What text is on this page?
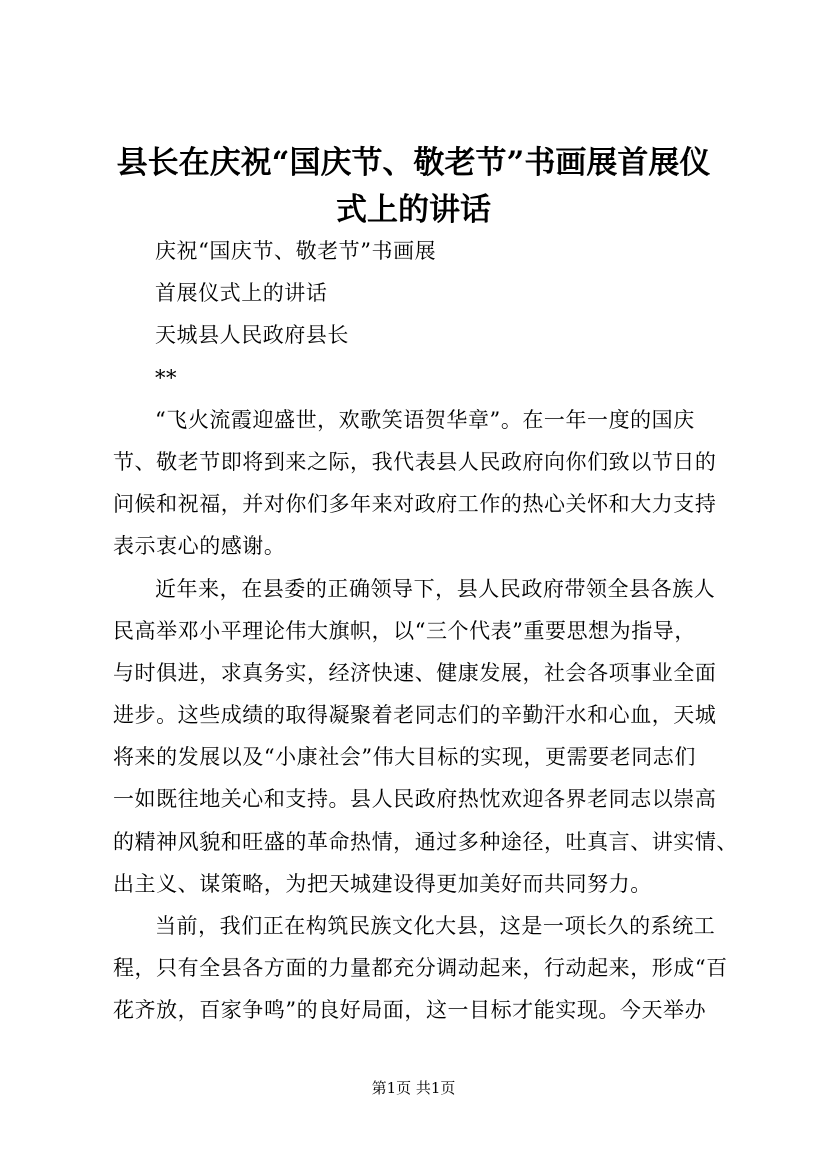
县长在庆祝“国庆节、敬老节”书画展首展仪
式上的讲话
庆祝“国庆节、敬老节”书画展
首展仪式上的讲话
天城县人民政府县长
**
“飞火流霞迎盛世，欢歌笑语贺华章”。在一年一度的国庆
节、敬老节即将到来之际，我代表县人民政府向你们致以节日的
问候和祝福，并对你们多年来对政府工作的热心关怀和大力支持
表示衷心的感谢。
近年来，在县委的正确领导下，县人民政府带领全县各族人
民高举邓小平理论伟大旗帜，以“三个代表”重要思想为指导，
与时俱进，求真务实，经济快速、健康发展，社会各项事业全面
进步。这些成绩的取得凝聚着老同志们的辛勤汗水和心血，天城
将来的发展以及“小康社会”伟大目标的实现，更需要老同志们
一如既往地关心和支持。县人民政府热忱欢迎各界老同志以崇高
的精神风貌和旺盛的革命热情，通过多种途径，吐真言、讲实情、
出主义、谋策略，为把天城建设得更加美好而共同努力。
当前，我们正在构筑民族文化大县，这是一项长久的系统工
程，只有全县各方面的力量都充分调动起来，行动起来，形成“百
花齐放，百家争鸣”的良好局面，这一目标才能实现。今天举办
第1页 共1页
